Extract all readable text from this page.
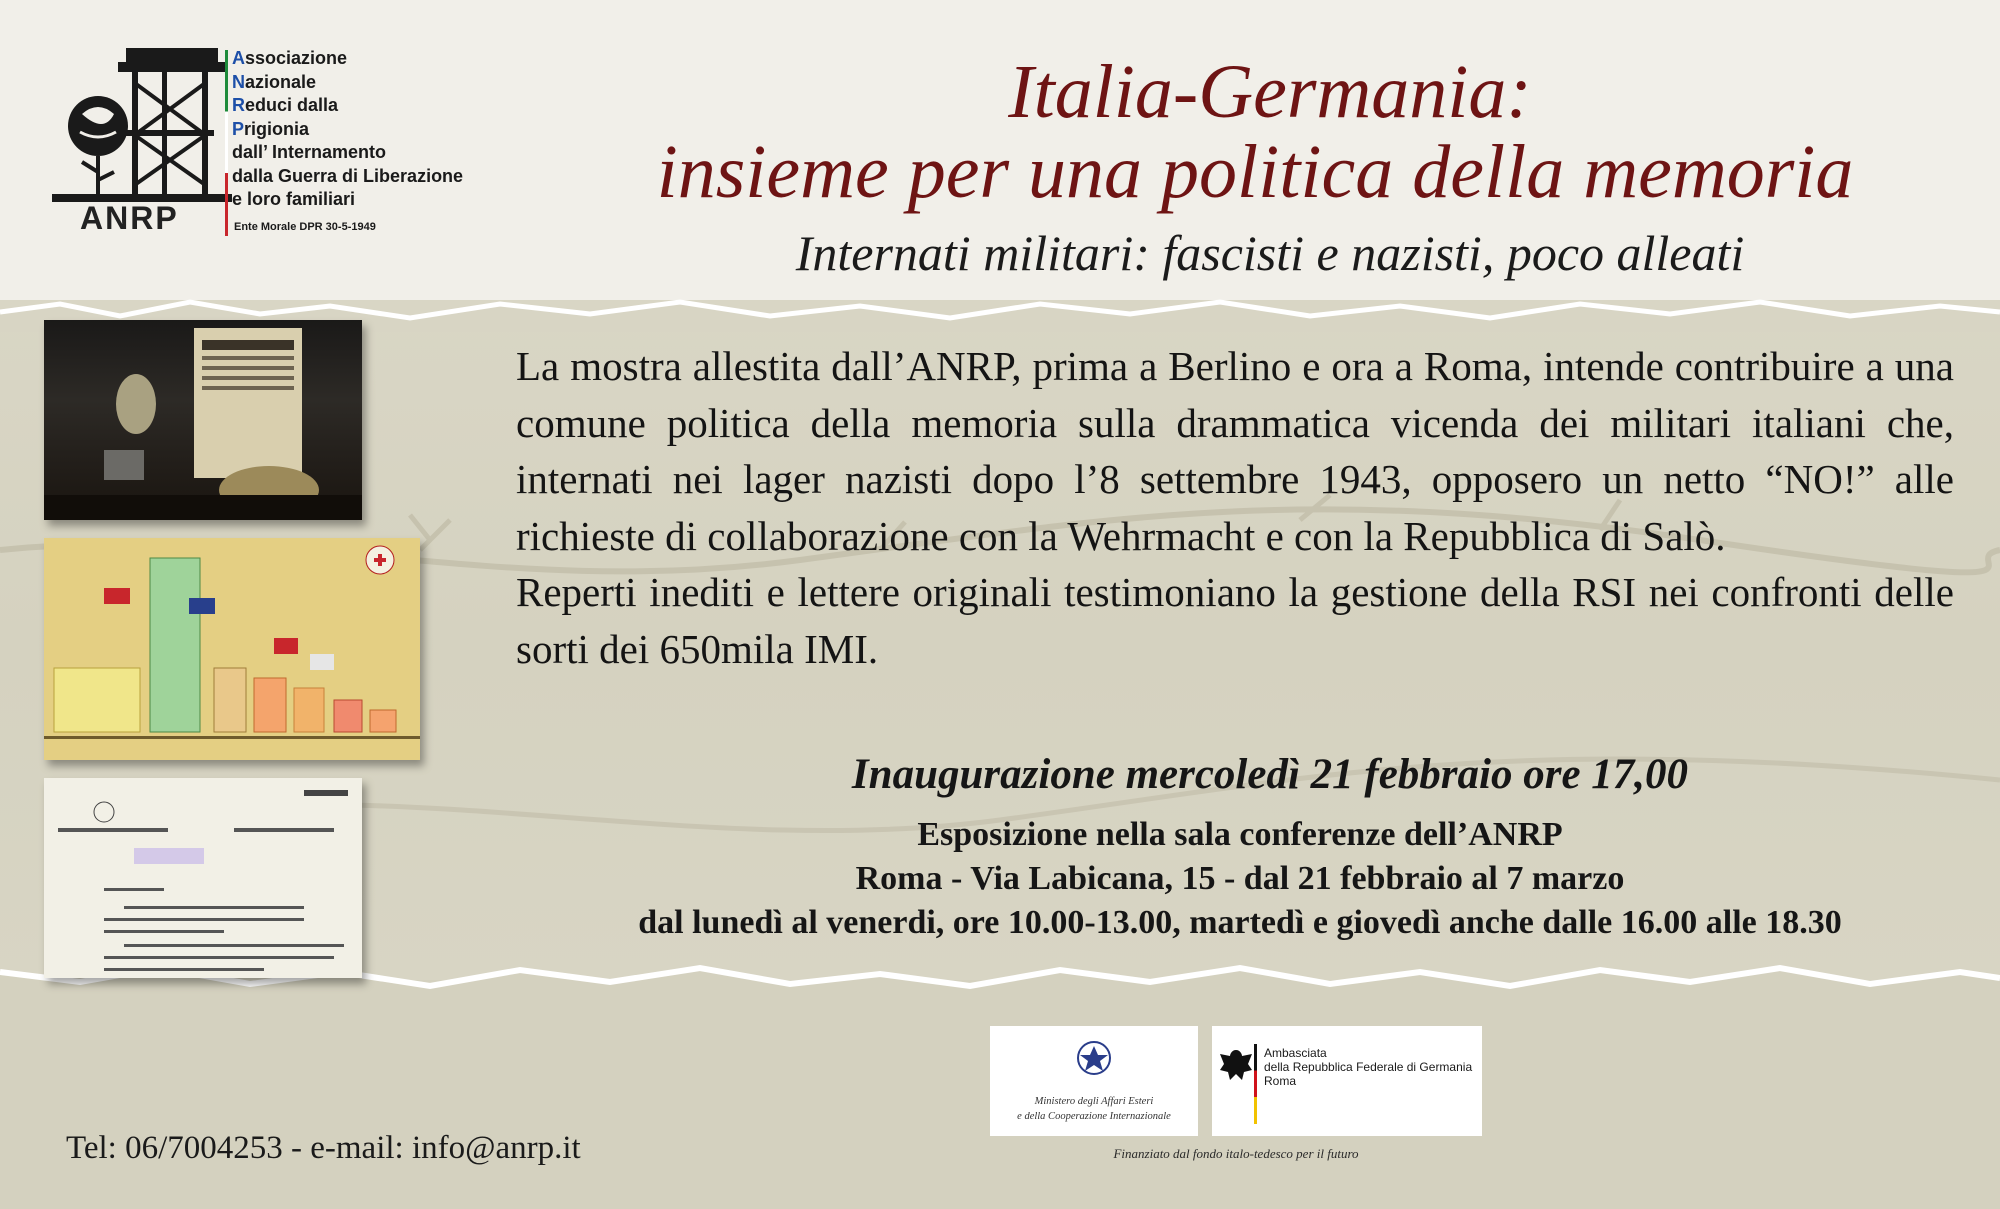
ANRP
Associazione
Nazionale
Reduci dalla
Prigionia
dall’ Internamento
dalla Guerra di Liberazione
e loro familiari
Ente Morale DPR 30-5-1949
Italia-Germania:
insieme per una politica della memoria
Internati militari: fascisti e nazisti, poco alleati

La mostra allestita dall’ANRP, prima a Berlino e ora a Roma, intende contribuire a una comune politica della memoria sulla drammatica vicenda dei militari italiani che, internati nei lager nazisti dopo l’8 settembre 1943, opposero un netto “NO!” alle richieste di collaborazione con la Wehrmacht e con la Repubblica di Salò.

Reperti inediti e lettere originali testimoniano la gestione della RSI nei confronti delle sorti dei 650mila IMI.

Inaugurazione mercoledì 21 febbraio ore 17,00
Esposizione nella sala conferenze dell’ANRP
Roma - Via Labicana, 15 - dal 21 febbraio al 7 marzo
dal lunedì al venerdi, ore 10.00-13.00, martedì e giovedì anche dalle 16.00 alle 18.30
Ministero degli Affari Esteri
e della Cooperazione Internazionale
Ambasciata
della Repubblica Federale di Germania
Roma
Finanziato dal fondo italo-tedesco per il futuro
Tel: 06/7004253 - e-mail: info@anrp.it
